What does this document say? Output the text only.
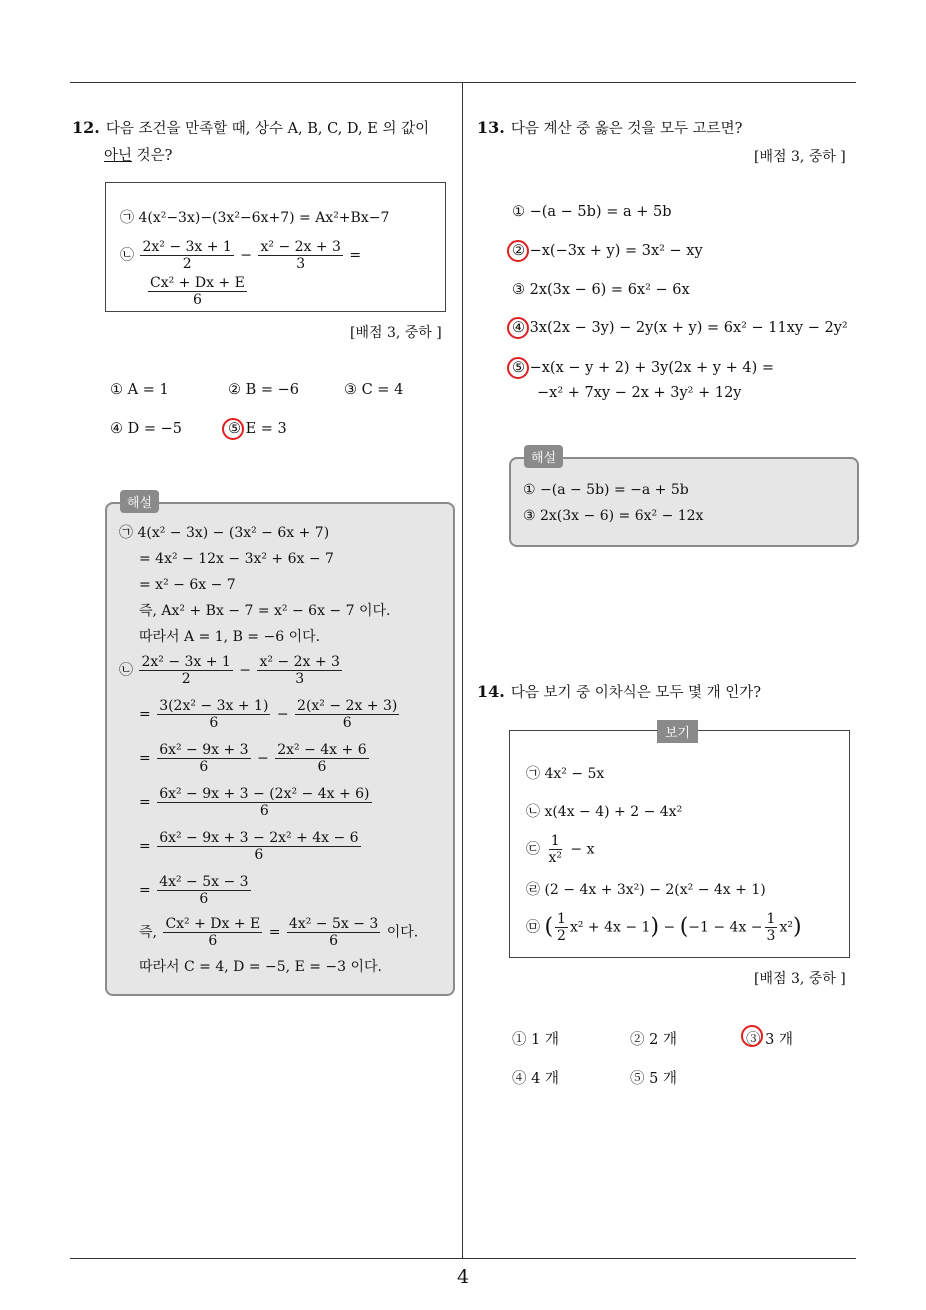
4
12. 다음 조건을 만족할 때, 상수 A, B, C, D, E 의 값이
아닌 것은?
㉠ 4(x²−3x)−(3x²−6x+7) = Ax²+Bx−7
㉡ $\frac{\text{2x² − 3x + 1}}{2} - \frac{\text{x² − 2x + 3}}{3}$ =
$\frac{\text{Cx² + Dx + E}}{6}$
[배점 3, 중하 ]
① A = 1	② B = −6	③ C = 4
④ D = −5	⑤ E = 3
㉠ 4(x² − 3x) − (3x² − 6x + 7)
= 4x² − 12x − 3x² + 6x − 7
= x² − 6x − 7
즉, Ax² + Bx − 7 = x² − 6x − 7 이다.
따라서 A = 1, B = −6 이다.
㉡ $\frac{\text{2x² − 3x + 1}}{2} - \frac{\text{x² − 2x + 3}}{3}$
= $\frac{\text{3(2x² − 3x + 1)}}{6} - \frac{\text{2(x² − 2x + 3)}}{6}$
= $\frac{\text{6x² − 9x + 3}}{6} - \frac{\text{2x² − 4x + 6}}{6}$
= $\frac{\text{6x² − 9x + 3 − (2x² − 4x + 6)}}{6}$
= $\frac{\text{6x² − 9x + 3 − 2x² + 4x − 6}}{6}$
= $\frac{\text{4x² − 5x − 3}}{6}$
즉, $\frac{\text{Cx² + Dx + E}}{6} = \frac{\text{4x² − 5x − 3}}{6}$ 이다.
따라서 C = 4, D = −5, E = −3 이다.
해설
13. 다음 계산 중 옳은 것을 모두 고르면?
[배점 3, 중하 ]
① −(a − 5b) = a + 5b
② −x(−3x + y) = 3x² − xy
③ 2x(3x − 6) = 6x² − 6x
④ 3x(2x − 3y) − 2y(x + y) = 6x² − 11xy − 2y²
⑤ −x(x − y + 2) + 3y(2x + y + 4) =
−x² + 7xy − 2x + 3y² + 12y
① −(a − 5b) = −a + 5b
③ 2x(3x − 6) = 6x² − 12x
해설
14. 다음 보기 중 이차식은 모두 몇 개 인가?
㉠ 4x² − 5x
㉡ x(4x − 4) + 2 − 4x²
㉢ $\frac{1}{\text{x²}} - x$
㉣ (2 − 4x + 3x²) − 2(x² − 4x + 1)
㉤ ( $\frac{1}{2} x^2 + 4x - 1) - (-1 - 4x - \frac{1}{3} x^2)$
보기
[배점 3, 중하 ]
① 1 개	② 2 개	③ 3 개
④ 4 개	⑤ 5 개
